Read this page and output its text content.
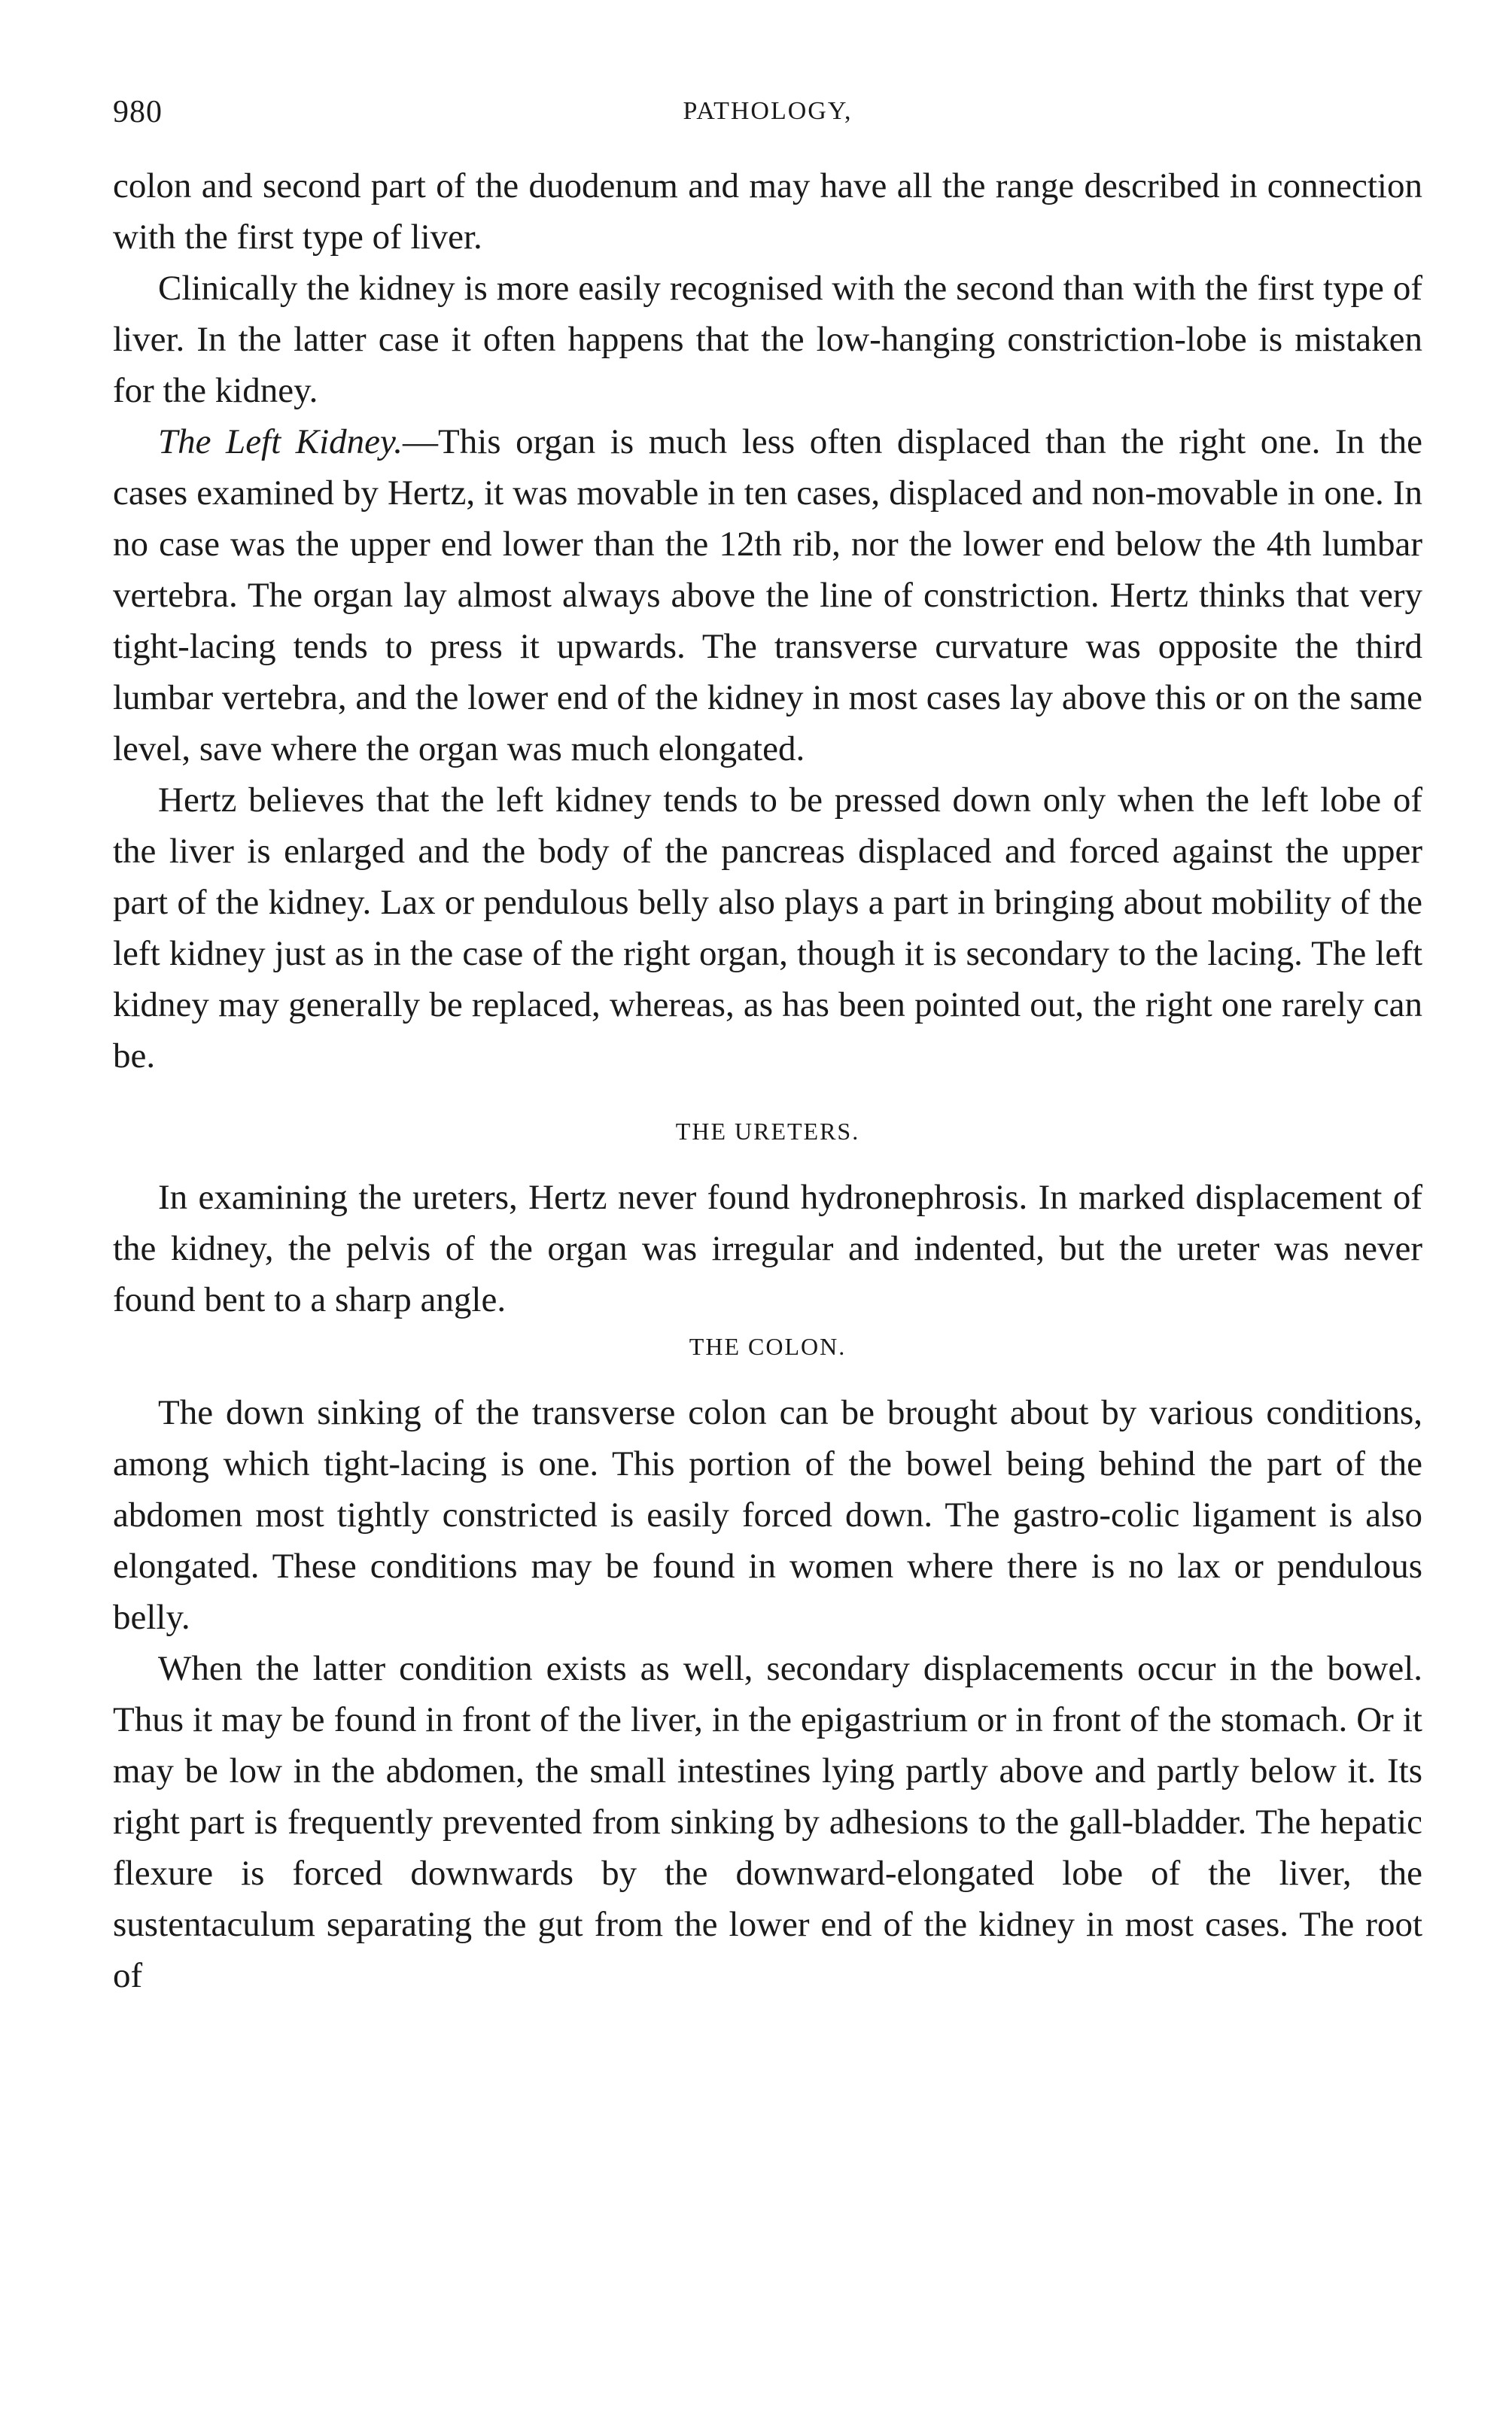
980	PATHOLOGY,

colon and second part of the duodenum and may have all the range described in connection with the first type of liver.

Clinically the kidney is more easily recognised with the second than with the first type of liver. In the latter case it often happens that the low-hanging constriction-lobe is mistaken for the kidney.

The Left Kidney.—This organ is much less often displaced than the right one. In the cases examined by Hertz, it was movable in ten cases, displaced and non-movable in one. In no case was the upper end lower than the 12th rib, nor the lower end below the 4th lumbar vertebra. The organ lay almost always above the line of constriction. Hertz thinks that very tight-lacing tends to press it upwards. The transverse curvature was opposite the third lumbar vertebra, and the lower end of the kidney in most cases lay above this or on the same level, save where the organ was much elongated.

Hertz believes that the left kidney tends to be pressed down only when the left lobe of the liver is enlarged and the body of the pancreas displaced and forced against the upper part of the kidney. Lax or pendulous belly also plays a part in bringing about mobility of the left kidney just as in the case of the right organ, though it is secondary to the lacing. The left kidney may generally be replaced, whereas, as has been pointed out, the right one rarely can be.

THE URETERS.

In examining the ureters, Hertz never found hydronephrosis. In marked displacement of the kidney, the pelvis of the organ was irregular and indented, but the ureter was never found bent to a sharp angle.

THE COLON.

The down sinking of the transverse colon can be brought about by various conditions, among which tight-lacing is one. This portion of the bowel being behind the part of the abdomen most tightly constricted is easily forced down. The gastro-colic ligament is also elongated. These conditions may be found in women where there is no lax or pendulous belly.

When the latter condition exists as well, secondary displacements occur in the bowel. Thus it may be found in front of the liver, in the epigastrium or in front of the stomach. Or it may be low in the abdomen, the small intestines lying partly above and partly below it. Its right part is frequently prevented from sinking by adhesions to the gall-bladder. The hepatic flexure is forced downwards by the downward-elongated lobe of the liver, the sustentaculum separating the gut from the lower end of the kidney in most cases. The root of
